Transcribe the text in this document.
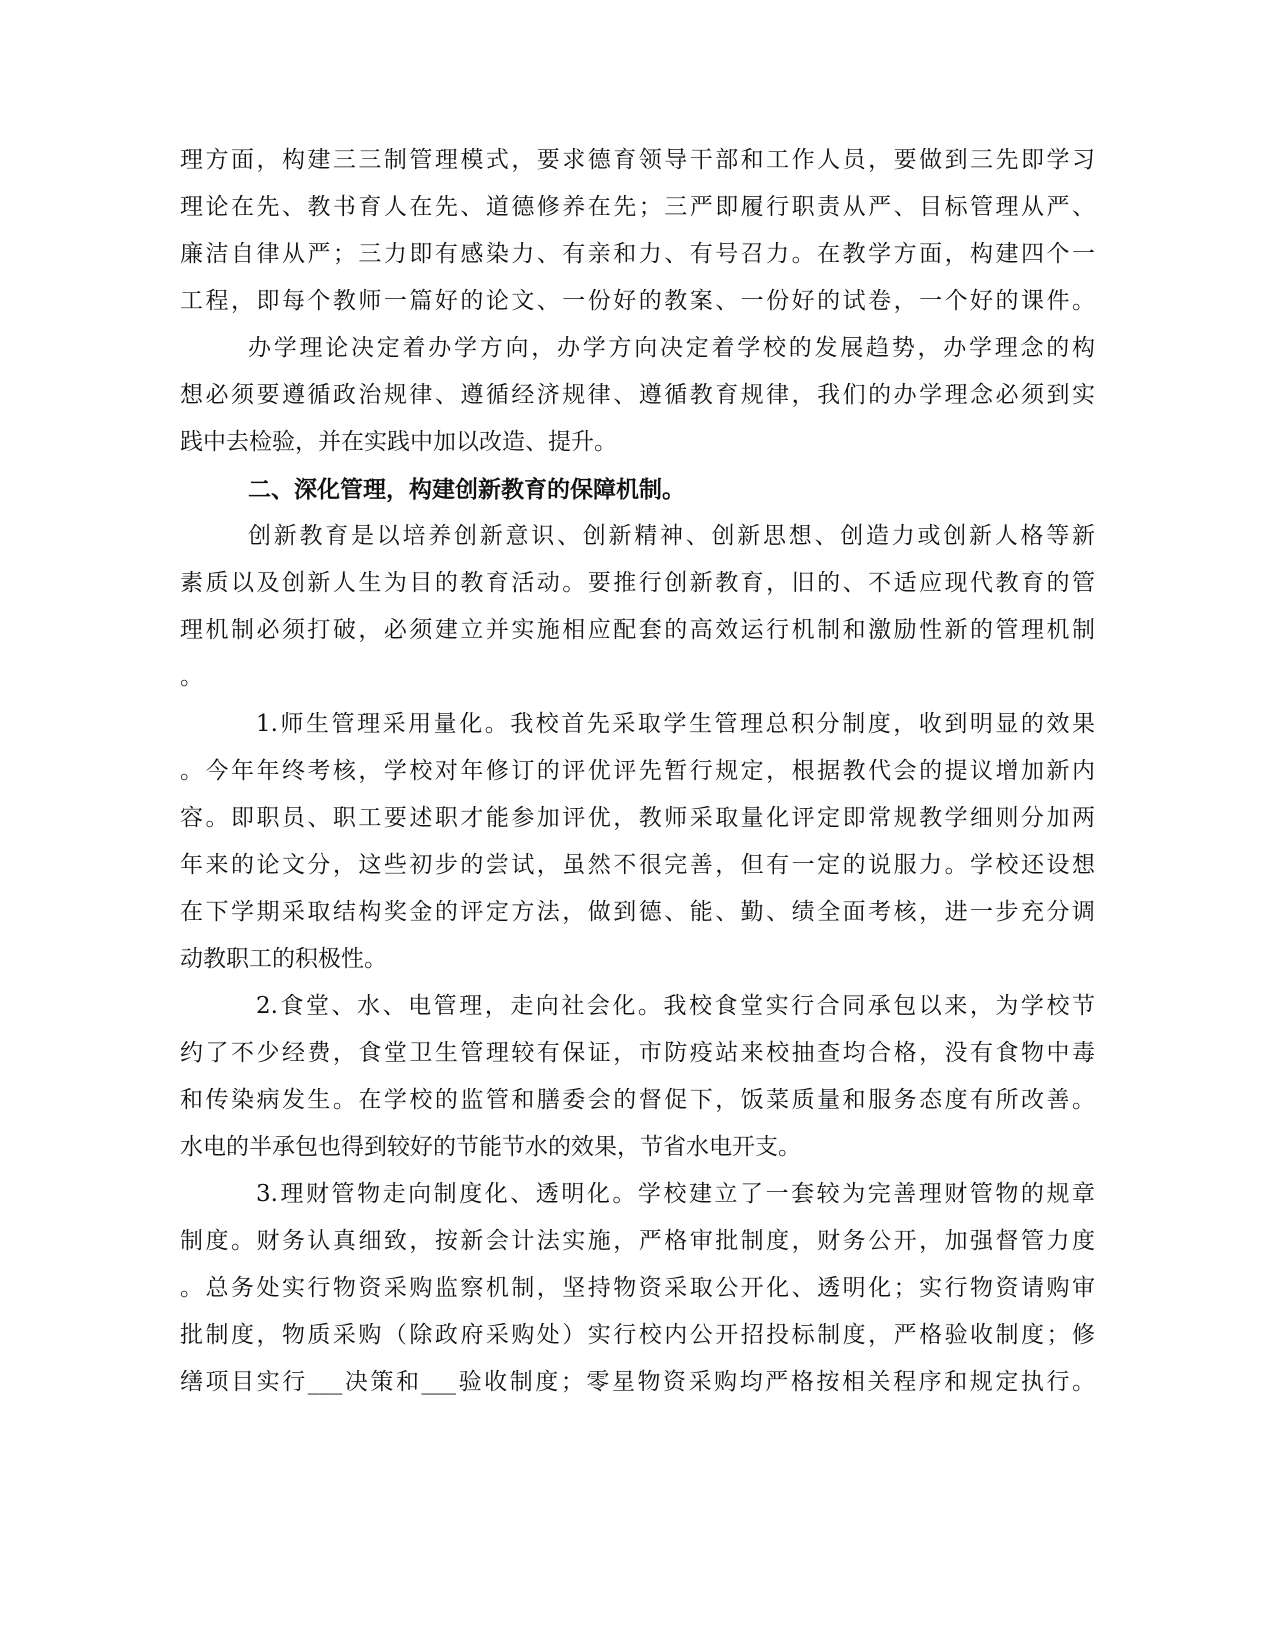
理方面，构建三三制管理模式，要求德育领导干部和工作人员，要做到三先即学习
理论在先、教书育人在先、道德修养在先；三严即履行职责从严、目标管理从严、
廉洁自律从严；三力即有感染力、有亲和力、有号召力。在教学方面，构建四个一
工程，即每个教师一篇好的论文、一份好的教案、一份好的试卷，一个好的课件。
办学理论决定着办学方向，办学方向决定着学校的发展趋势，办学理念的构
想必须要遵循政治规律、遵循经济规律、遵循教育规律，我们的办学理念必须到实
践中去检验，并在实践中加以改造、提升。
二、深化管理，构建创新教育的保障机制。
创新教育是以培养创新意识、创新精神、创新思想、创造力或创新人格等新
素质以及创新人生为目的教育活动。要推行创新教育，旧的、不适应现代教育的管
理机制必须打破，必须建立并实施相应配套的高效运行机制和激励性新的管理机制
。
1.师生管理采用量化。我校首先采取学生管理总积分制度，收到明显的效果
。今年年终考核，学校对年修订的评优评先暂行规定，根据教代会的提议增加新内
容。即职员、职工要述职才能参加评优，教师采取量化评定即常规教学细则分加两
年来的论文分，这些初步的尝试，虽然不很完善，但有一定的说服力。学校还设想
在下学期采取结构奖金的评定方法，做到德、能、勤、绩全面考核，进一步充分调
动教职工的积极性。
2.食堂、水、电管理，走向社会化。我校食堂实行合同承包以来，为学校节
约了不少经费，食堂卫生管理较有保证，市防疫站来校抽查均合格，没有食物中毒
和传染病发生。在学校的监管和膳委会的督促下，饭菜质量和服务态度有所改善。
水电的半承包也得到较好的节能节水的效果，节省水电开支。
3.理财管物走向制度化、透明化。学校建立了一套较为完善理财管物的规章
制度。财务认真细致，按新会计法实施，严格审批制度，财务公开，加强督管力度
。总务处实行物资采购监察机制，坚持物资采取公开化、透明化；实行物资请购审
批制度，物质采购（除政府采购处）实行校内公开招投标制度，严格验收制度；修
缮项目实行___决策和___验收制度；零星物资采购均严格按相关程序和规定执行。
